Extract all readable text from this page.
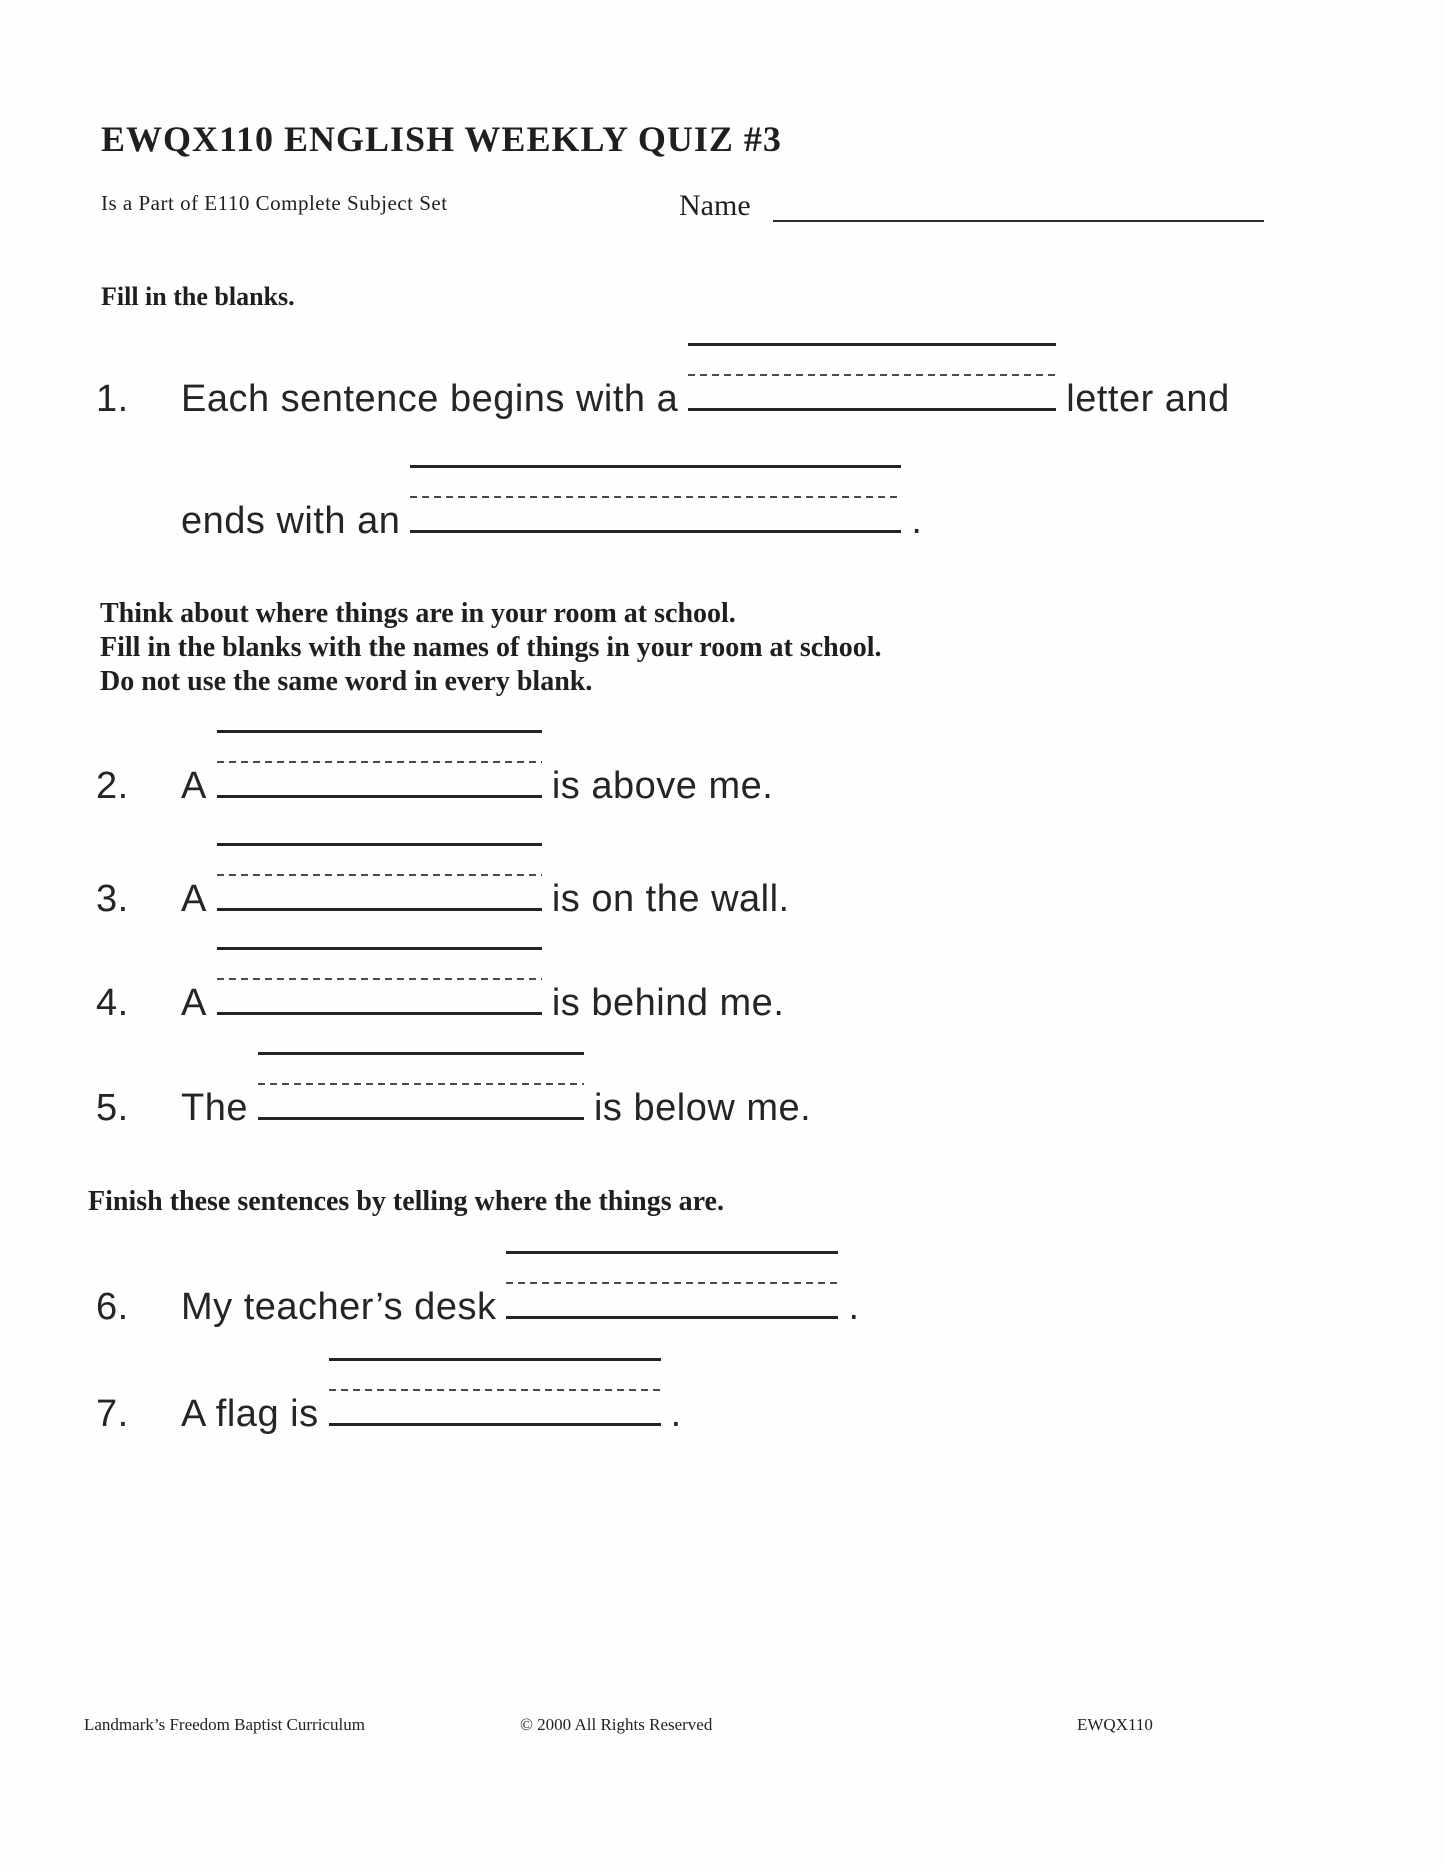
EWQX110 ENGLISH WEEKLY QUIZ #3
Is a Part of E110 Complete Subject Set	Name
Fill in the blanks.
1. Each sentence begins with a	letter and
ends with an	.
Think about where things are in your room at school.
Fill in the blanks with the names of things in your room at school.
Do not use the same word in every blank.
2. A	is above me.
3. A	is on the wall.
4. A	is behind me.
5. The	is below me.
Finish these sentences by telling where the things are.
6. My teacher’s desk	.
7. A flag is	.
Landmark’s Freedom Baptist Curriculum	© 2000 All Rights Reserved	EWQX110
